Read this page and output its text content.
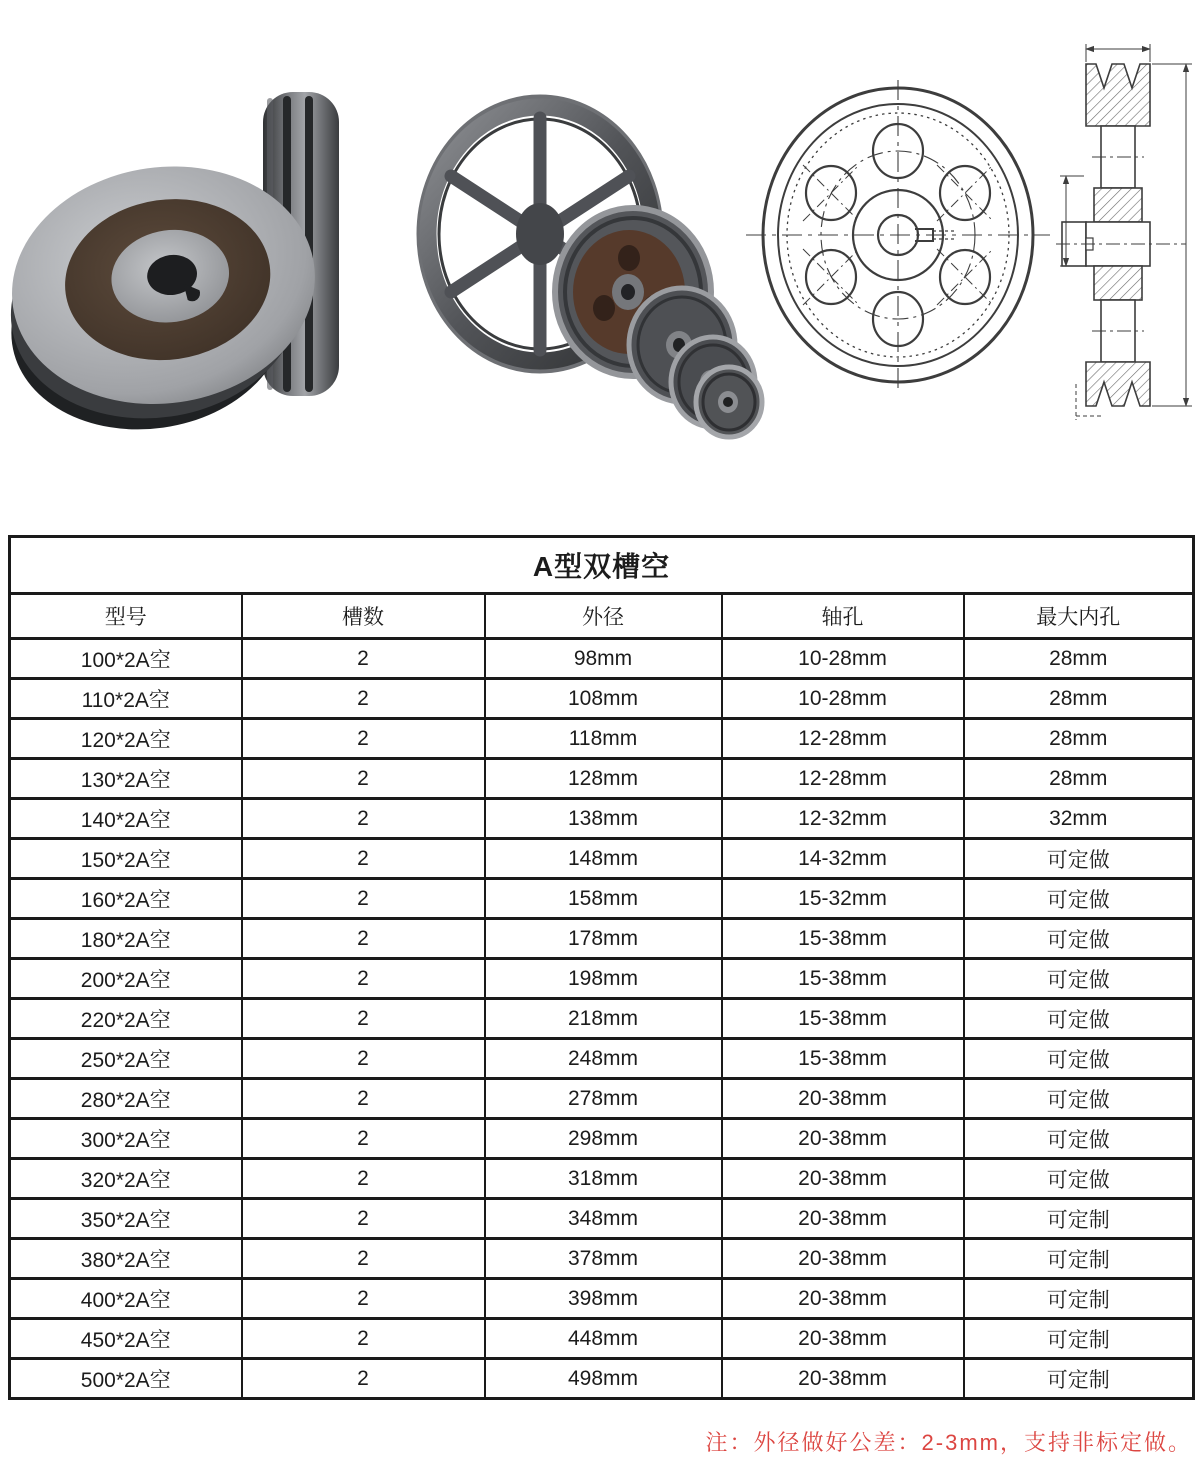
A型双槽空				
型号	槽数	外径	轴孔	最大内孔
100*2A空	2	98mm	10-28mm	28mm
110*2A空	2	108mm	10-28mm	28mm
120*2A空	2	118mm	12-28mm	28mm
130*2A空	2	128mm	12-28mm	28mm
140*2A空	2	138mm	12-32mm	32mm
150*2A空	2	148mm	14-32mm	可定做
160*2A空	2	158mm	15-32mm	可定做
180*2A空	2	178mm	15-38mm	可定做
200*2A空	2	198mm	15-38mm	可定做
220*2A空	2	218mm	15-38mm	可定做
250*2A空	2	248mm	15-38mm	可定做
280*2A空	2	278mm	20-38mm	可定做
300*2A空	2	298mm	20-38mm	可定做
320*2A空	2	318mm	20-38mm	可定做
350*2A空	2	348mm	20-38mm	可定制
380*2A空	2	378mm	20-38mm	可定制
400*2A空	2	398mm	20-38mm	可定制
450*2A空	2	448mm	20-38mm	可定制
500*2A空	2	498mm	20-38mm	可定制
注：外径做好公差：2-3mm，支持非标定做。
